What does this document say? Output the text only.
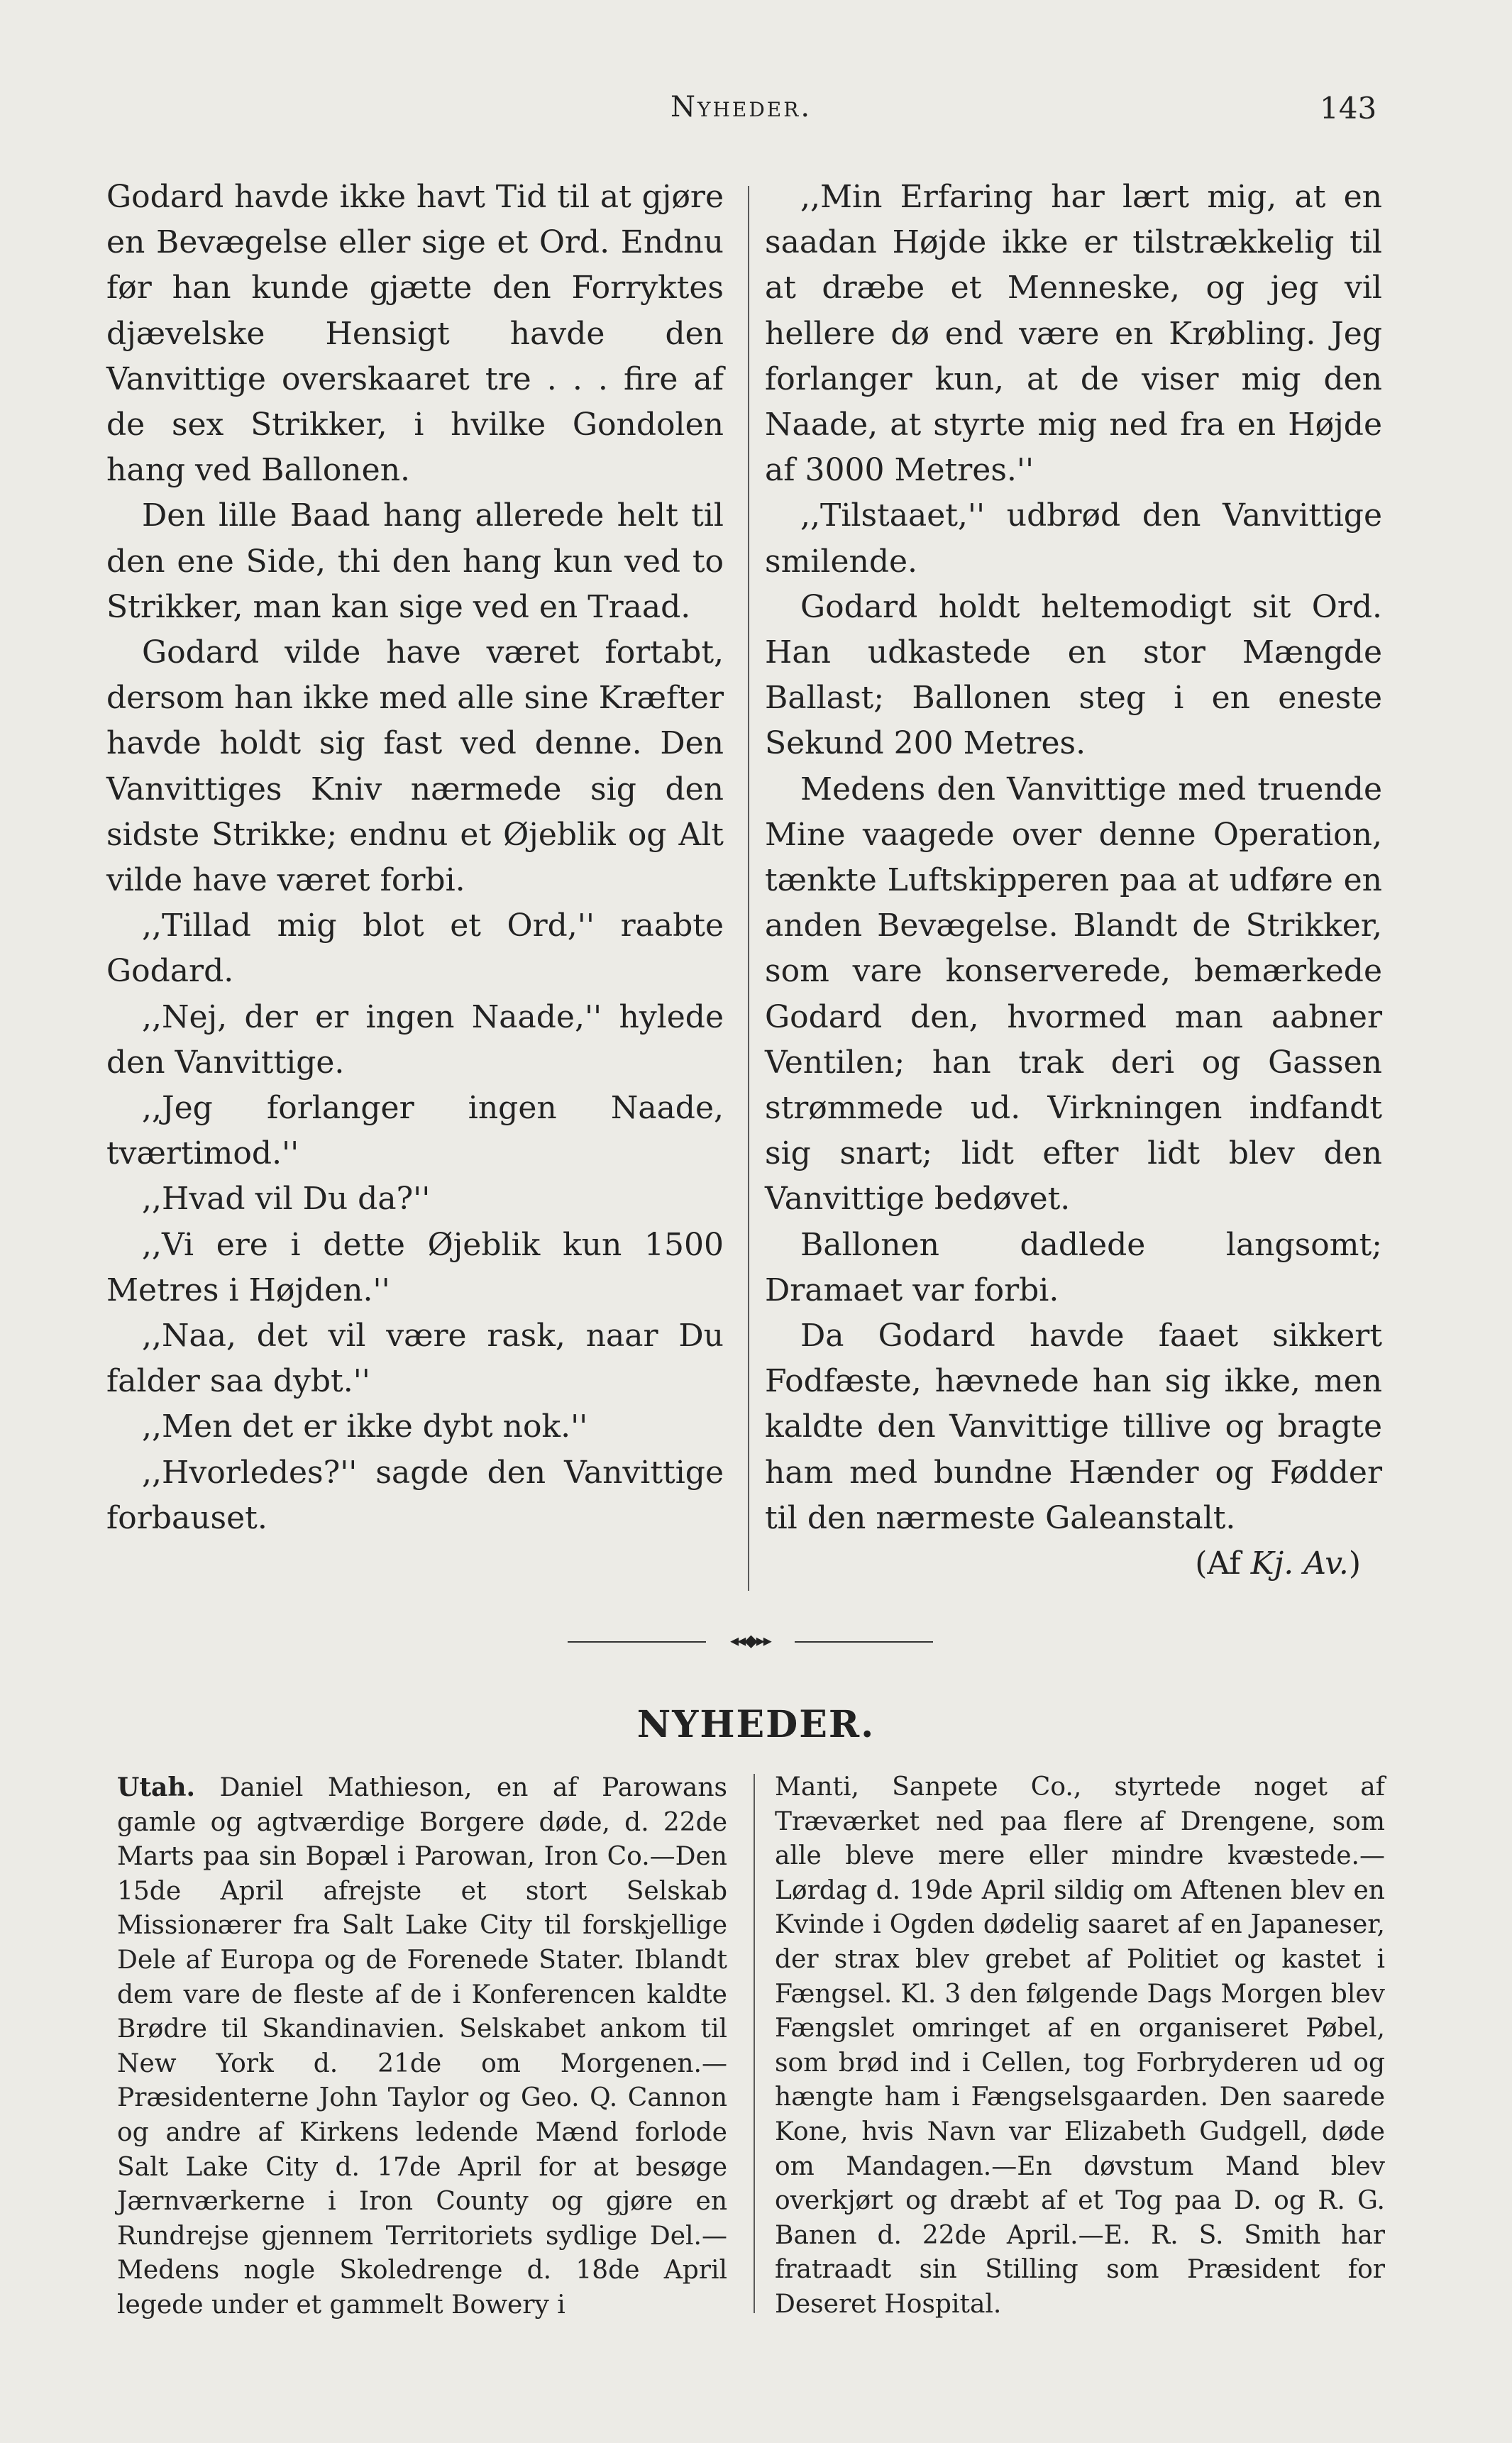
Nyheder.	143

Godard havde ikke havt Tid til at gjøre en Bevægelse eller sige et Ord. Endnu før han kunde gjætte den Forryktes djævelske Hensigt havde den Vanvittige overskaaret tre . . . fire af de sex Strikker, i hvilke Gondolen hang ved Ballonen.

Den lille Baad hang allerede helt til den ene Side, thi den hang kun ved to Strikker, man kan sige ved en Traad.

Godard vilde have været fortabt, dersom han ikke med alle sine Kræfter havde holdt sig fast ved denne. Den Vanvittiges Kniv nærmede sig den sidste Strikke; endnu et Øjeblik og Alt vilde have været forbi.

,,Tillad mig blot et Ord,'' raabte Godard.

,,Nej, der er ingen Naade,'' hylede den Vanvittige.

,,Jeg forlanger ingen Naade, tværtimod.''

,,Hvad vil Du da?''

,,Vi ere i dette Øjeblik kun 1500 Metres i Højden.''

,,Naa, det vil være rask, naar Du falder saa dybt.''

,,Men det er ikke dybt nok.''

,,Hvorledes?'' sagde den Vanvittige forbauset.

,,Min Erfaring har lært mig, at en saadan Højde ikke er tilstrækkelig til at dræbe et Menneske, og jeg vil hellere dø end være en Krøbling. Jeg forlanger kun, at de viser mig den Naade, at styrte mig ned fra en Højde af 3000 Metres.''

,,Tilstaaet,'' udbrød den Vanvittige smilende.

Godard holdt heltemodigt sit Ord. Han udkastede en stor Mængde Ballast; Ballonen steg i en eneste Sekund 200 Metres.

Medens den Vanvittige med truende Mine vaagede over denne Operation, tænkte Luftskipperen paa at udføre en anden Bevægelse. Blandt de Strikker, som vare konserverede, bemærkede Godard den, hvormed man aabner Ventilen; han trak deri og Gassen strømmede ud. Virkningen indfandt sig snart; lidt efter lidt blev den Vanvittige bedøvet.

Ballonen dadlede langsomt; Dramaet var forbi.

Da Godard havde faaet sikkert Fodfæste, hævnede han sig ikke, men kaldte den Vanvittige tillive og bragte ham med bundne Hænder og Fødder til den nærmeste Galeanstalt.

(Af Kj. Av.)

◂◂◆▸▸
NYHEDER.

Utah. Daniel Mathieson, en af Parowans gamle og agtværdige Borgere døde, d. 22de Marts paa sin Bopæl i Parowan, Iron Co.—Den 15de April afrejste et stort Selskab Missionærer fra Salt Lake City til forskjellige Dele af Europa og de Forenede Stater. Iblandt dem vare de fleste af de i Konferencen kaldte Brødre til Skandinavien. Selskabet ankom til New York d. 21de om Morgenen.—Præsidenterne John Taylor og Geo. Q. Cannon og andre af Kirkens ledende Mænd forlode Salt Lake City d. 17de April for at besøge Jærnværkerne i Iron County og gjøre en Rundrejse gjennem Territoriets sydlige Del.—Medens nogle Skoledrenge d. 18de April legede under et gammelt Bowery i

Manti, Sanpete Co., styrtede noget af Træværket ned paa flere af Drengene, som alle bleve mere eller mindre kvæstede.—Lørdag d. 19de April sildig om Aftenen blev en Kvinde i Ogden dødelig saaret af en Japaneser, der strax blev grebet af Politiet og kastet i Fængsel. Kl. 3 den følgende Dags Morgen blev Fængslet omringet af en organiseret Pøbel, som brød ind i Cellen, tog Forbryderen ud og hængte ham i Fængselsgaarden. Den saarede Kone, hvis Navn var Elizabeth Gudgell, døde om Mandagen.—En døvstum Mand blev overkjørt og dræbt af et Tog paa D. og R. G. Banen d. 22de April.—E. R. S. Smith har fratraadt sin Stilling som Præsident for Deseret Hospital.
